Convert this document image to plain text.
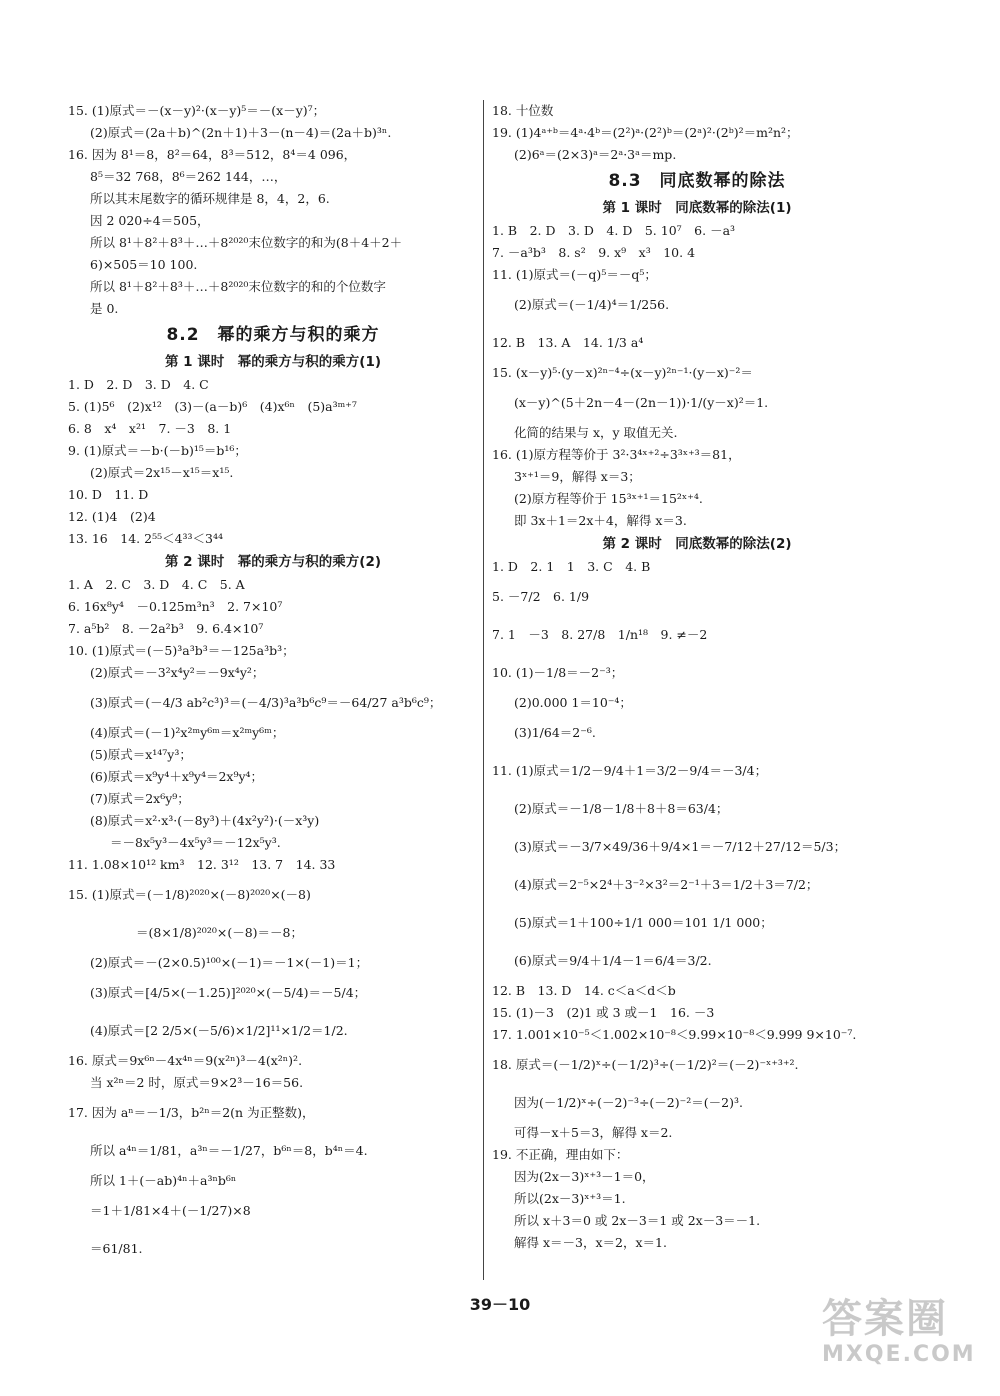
15. (1)原式＝－(x－y)²·(x－y)⁵＝－(x－y)⁷；
(2)原式＝(2a＋b)^(2n＋1)＋3－(n－4)＝(2a＋b)³ⁿ.
16. 因为 8¹＝8，8²＝64，8³＝512，8⁴＝4 096，
8⁵＝32 768，8⁶＝262 144，…，
所以其末尾数字的循环规律是 8，4，2，6.
因 2 020÷4＝505，
所以 8¹＋8²＋8³＋…＋8²⁰²⁰末位数字的和为(8＋4＋2＋
6)×505＝10 100.
所以 8¹＋8²＋8³＋…＋8²⁰²⁰末位数字的和的个位数字
是 0.
8.2　幂的乘方与积的乘方
第 1 课时　幂的乘方与积的乘方(1)
1. D　2. D　3. D　4. C
5. (1)5⁶　(2)x¹²　(3)－(a－b)⁶　(4)x⁶ⁿ　(5)a³ᵐ⁺⁷
6. 8　x⁴　x²¹　7. －3　8. 1
9. (1)原式＝－b·(－b)¹⁵＝b¹⁶；
(2)原式＝2x¹⁵－x¹⁵＝x¹⁵.
10. D　11. D
12. (1)4　(2)4
13. 16　14. 2⁵⁵＜4³³＜3⁴⁴
第 2 课时　幂的乘方与积的乘方(2)
1. A　2. C　3. D　4. C　5. A
6. 16x⁸y⁴　－0.125m³n³　2. 7×10⁷
7. a⁵b²　8. －2a²b³　9. 6.4×10⁷
10. (1)原式＝(－5)³a³b³＝－125a³b³；
(2)原式＝－3²x⁴y²＝－9x⁴y²；
(3)原式＝(－4/3 ab²c³)³＝(－4/3)³a³b⁶c⁹＝－64/27 a³b⁶c⁹；
(4)原式＝(－1)²x²ᵐy⁶ᵐ＝x²ᵐy⁶ᵐ；
(5)原式＝x¹⁴⁷y³；
(6)原式＝x⁹y⁴＋x⁹y⁴＝2x⁹y⁴；
(7)原式＝2x⁶y⁹；
(8)原式＝x²·x³·(－8y³)＋(4x²y²)·(－x³y)
＝－8x⁵y³－4x⁵y³＝－12x⁵y³.
11. 1.08×10¹² km³　12. 3¹²　13. 7　14. 33
15. (1)原式＝(－1/8)²⁰²⁰×(－8)²⁰²⁰×(－8)
＝(8×1/8)²⁰²⁰×(－8)＝－8；
(2)原式＝－(2×0.5)¹⁰⁰×(－1)＝－1×(－1)＝1；
(3)原式＝[4/5×(－1.25)]²⁰²⁰×(－5/4)＝－5/4；
(4)原式＝[2 2/5×(－5/6)×1/2]¹¹×1/2＝1/2.
16. 原式＝9x⁶ⁿ－4x⁴ⁿ＝9(x²ⁿ)³－4(x²ⁿ)².
当 x²ⁿ＝2 时，原式＝9×2³－16＝56.
17. 因为 aⁿ＝－1/3，b²ⁿ＝2(n 为正整数)，
所以 a⁴ⁿ＝1/81，a³ⁿ＝－1/27，b⁶ⁿ＝8，b⁴ⁿ＝4.
所以 1＋(－ab)⁴ⁿ＋a³ⁿb⁶ⁿ
＝1＋1/81×4＋(－1/27)×8
＝61/81.
18. 十位数
19. (1)4ᵃ⁺ᵇ＝4ᵃ·4ᵇ＝(2²)ᵃ·(2²)ᵇ＝(2ᵃ)²·(2ᵇ)²＝m²n²；
(2)6ᵃ＝(2×3)ᵃ＝2ᵃ·3ᵃ＝mp.
8.3　同底数幂的除法
第 1 课时　同底数幂的除法(1)
1. B　2. D　3. D　4. D　5. 10⁷　6. －a³
7. －a³b³　8. s²　9. x⁹　x³　10. 4
11. (1)原式＝(－q)⁵＝－q⁵；
(2)原式＝(－1/4)⁴＝1/256.
12. B　13. A　14. 1/3 a⁴
15. (x－y)⁵·(y－x)²ⁿ⁻⁴÷(x－y)²ⁿ⁻¹·(y－x)⁻²＝
(x－y)^(5＋2n－4－(2n－1))·1/(y－x)²＝1.
化简的结果与 x，y 取值无关.
16. (1)原方程等价于 3²·3⁴ˣ⁺²÷3³ˣ⁺³＝81，
3ˣ⁺¹＝9，解得 x＝3；
(2)原方程等价于 15³ˣ⁺¹＝15²ˣ⁺⁴.
即 3x＋1＝2x＋4，解得 x＝3.
第 2 课时　同底数幂的除法(2)
1. D　2. 1　1　3. C　4. B
5. －7/2　6. 1/9
7. 1　－3　8. 27/8　1/n¹⁸　9. ≠－2
10. (1)－1/8＝－2⁻³；
(2)0.000 1＝10⁻⁴；
(3)1/64＝2⁻⁶.
11. (1)原式＝1/2－9/4＋1＝3/2－9/4＝－3/4；
(2)原式＝－1/8－1/8＋8＋8＝63/4；
(3)原式＝－3/7×49/36＋9/4×1＝－7/12＋27/12＝5/3；
(4)原式＝2⁻⁵×2⁴＋3⁻²×3²＝2⁻¹＋3＝1/2＋3＝7/2；
(5)原式＝1＋100÷1/1 000＝101 1/1 000；
(6)原式＝9/4＋1/4－1＝6/4＝3/2.
12. B　13. D　14. c＜a＜d＜b
15. (1)－3　(2)1 或 3 或－1　16. －3
17. 1.001×10⁻⁵＜1.002×10⁻⁸＜9.99×10⁻⁸＜9.999 9×10⁻⁷.
18. 原式＝(－1/2)ˣ÷(－1/2)³÷(－1/2)²＝(－2)⁻ˣ⁺³⁺².
因为(－1/2)ˣ÷(－2)⁻³÷(－2)⁻²＝(－2)³.
可得－x＋5＝3，解得 x＝2.
19. 不正确，理由如下：
因为(2x－3)ˣ⁺³－1＝0，
所以(2x－3)ˣ⁺³＝1.
所以 x＋3＝0 或 2x－3＝1 或 2x－3＝－1.
解得 x＝－3，x＝2，x＝1.
39－10	答案圈
MXQE.COM
